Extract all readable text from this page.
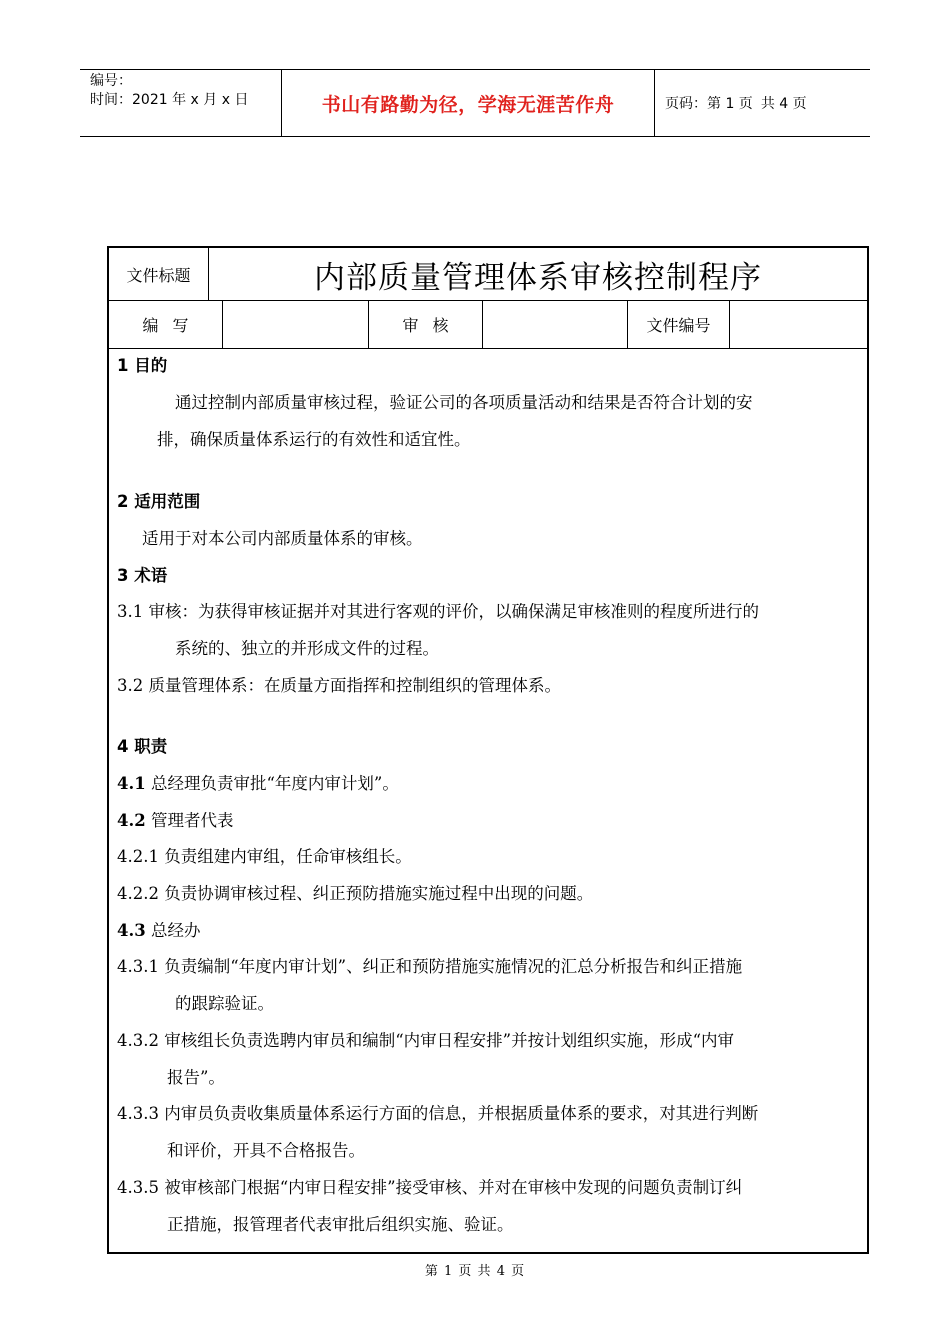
编号：
时间：2021 年 x 月 x 日	书山有路勤为径，学海无涯苦作舟	页码：第 1 页 共 4 页
文件标题	内部质量管理体系审核控制程序
编写	审核	文件编号
1 目的
通过控制内部质量审核过程，验证公司的各项质量活动和结果是否符合计划的安
排，确保质量体系运行的有效性和适宜性。
2 适用范围
适用于对本公司内部质量体系的审核。
3 术语
3.1 审核：为获得审核证据并对其进行客观的评价，以确保满足审核准则的程度所进行的
系统的、独立的并形成文件的过程。
3.2 质量管理体系：在质量方面指挥和控制组织的管理体系。
4 职责
4.1 总经理负责审批“年度内审计划”。
4.2 管理者代表
4.2.1 负责组建内审组，任命审核组长。
4.2.2 负责协调审核过程、纠正预防措施实施过程中出现的问题。
4.3 总经办
4.3.1 负责编制“年度内审计划”、纠正和预防措施实施情况的汇总分析报告和纠正措施
的跟踪验证。
4.3.2 审核组长负责选聘内审员和编制“内审日程安排”并按计划组织实施，形成“内审
报告”。
4.3.3 内审员负责收集质量体系运行方面的信息，并根据质量体系的要求，对其进行判断
和评价，开具不合格报告。
4.3.5 被审核部门根据“内审日程安排”接受审核、并对在审核中发现的问题负责制订纠
正措施，报管理者代表审批后组织实施、验证。
第 1 页 共 4 页
